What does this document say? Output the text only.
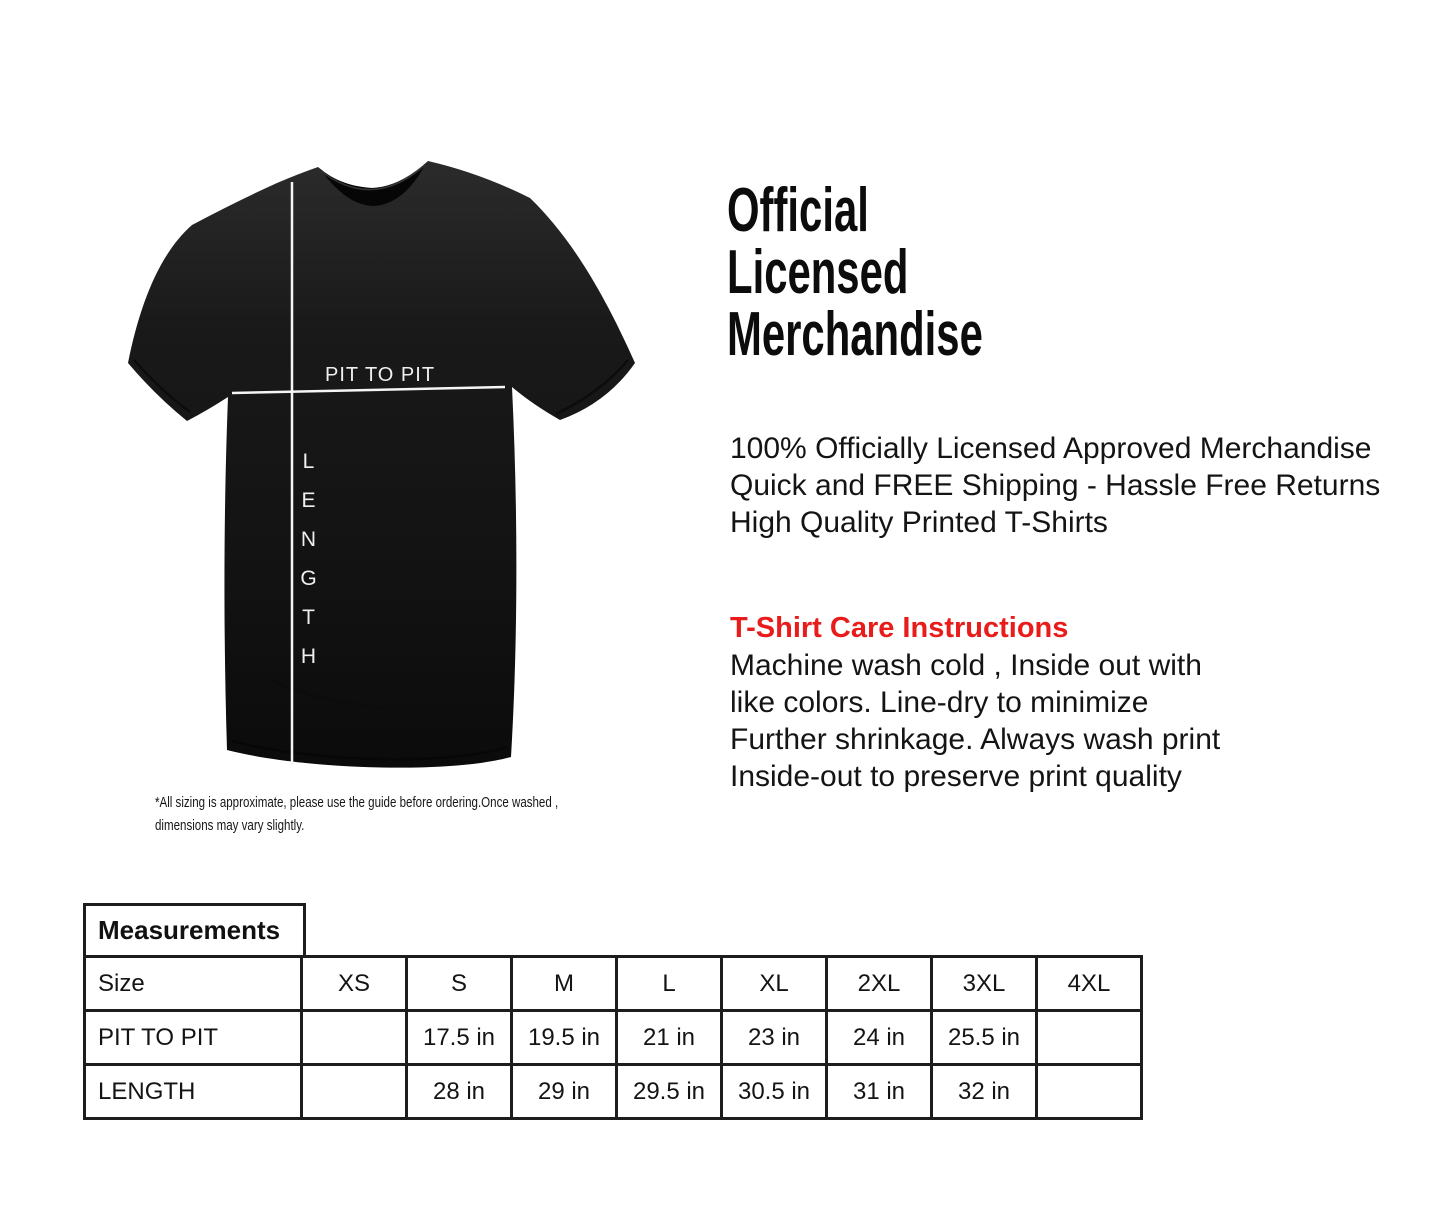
PIT TO PIT
LENGTH
*All sizing is approximate, please use the guide before ordering.Once washed , dimensions may vary slightly.
Official
Licensed
Merchandise
100% Officially Licensed Approved Merchandise
Quick and FREE Shipping - Hassle Free Returns
High Quality Printed T-Shirts
T-Shirt Care Instructions
Machine wash cold , Inside out with
like colors. Line-dry to minimize
Further shrinkage. Always wash print
Inside-out to preserve print quality
Measurements
Size	XS	S	M	L	XL	2XL	3XL	4XL
PIT TO PIT		17.5 in	19.5 in	21 in	23 in	24 in	25.5 in	
LENGTH		28 in	29 in	29.5 in	30.5 in	31 in	32 in	
